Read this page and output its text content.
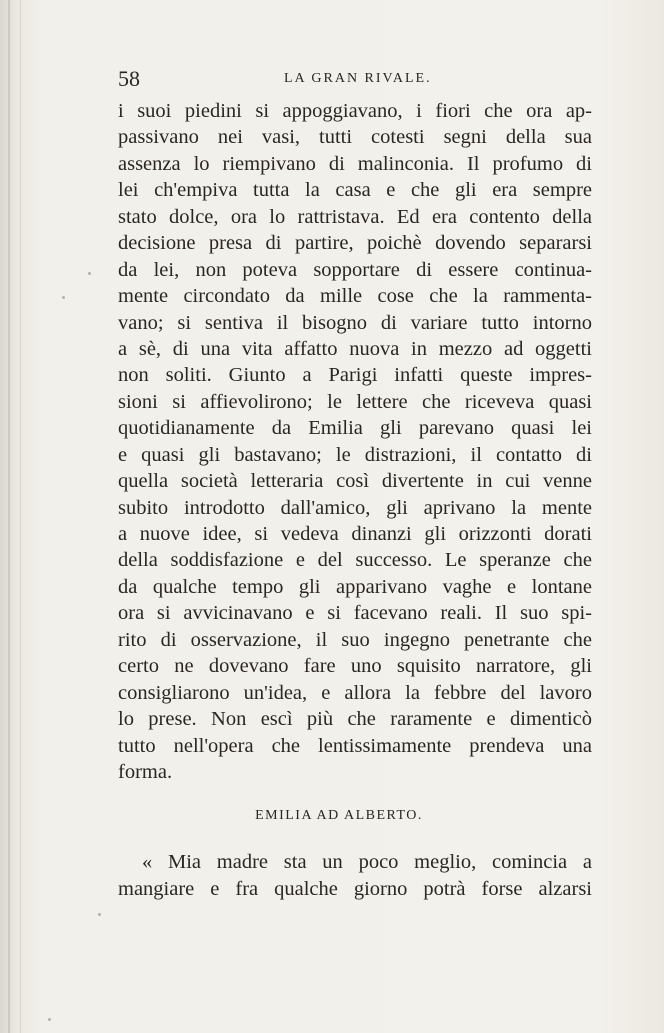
58	LA GRAN RIVALE.
i suoi piedini si appoggiavano, i fiori che ora ap-
passivano nei vasi, tutti cotesti segni della sua
assenza lo riempivano di malinconia. Il profumo di
lei ch'empiva tutta la casa e che gli era sempre
stato dolce, ora lo rattristava. Ed era contento della
decisione presa di partire, poichè dovendo separarsi
da lei, non poteva sopportare di essere continua-
mente circondato da mille cose che la rammenta-
vano; si sentiva il bisogno di variare tutto intorno
a sè, di una vita affatto nuova in mezzo ad oggetti
non soliti. Giunto a Parigi infatti queste impres-
sioni si affievolirono; le lettere che riceveva quasi
quotidianamente da Emilia gli parevano quasi lei
e quasi gli bastavano; le distrazioni, il contatto di
quella società letteraria così divertente in cui venne
subito introdotto dall'amico, gli aprivano la mente
a nuove idee, si vedeva dinanzi gli orizzonti dorati
della soddisfazione e del successo. Le speranze che
da qualche tempo gli apparivano vaghe e lontane
ora si avvicinavano e si facevano reali. Il suo spi-
rito di osservazione, il suo ingegno penetrante che
certo ne dovevano fare uno squisito narratore, gli
consigliarono un'idea, e allora la febbre del lavoro
lo prese. Non escì più che raramente e dimenticò
tutto nell'opera che lentissimamente prendeva una
forma.
EMILIA AD ALBERTO.
« Mia madre sta un poco meglio, comincia a
mangiare e fra qualche giorno potrà forse alzarsi
